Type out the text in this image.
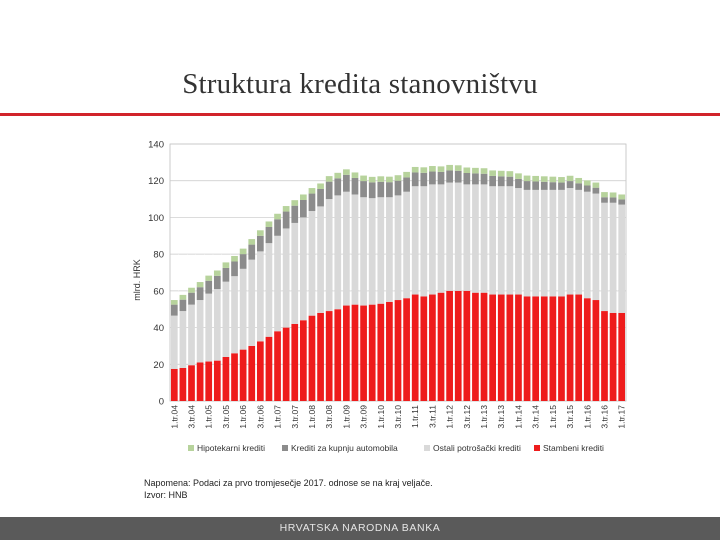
Struktura kredita stanovništvu
0
20
40
60
80
100
120
140
1.tr.04 3.tr.04 1.tr.05 3.tr.05 1.tr.06 3.tr.06 1.tr.07 3.tr.07 1.tr.08 3.tr.08 1.tr.09 3.tr.09 1.tr.10 3.tr.10 1.tr.11 3.tr.11 1.tr.12 3.tr.12 1.tr.13 3.tr.13 1.tr.14 3.tr.14 1.tr.15 3.tr.15 1.tr.16 3.tr.16 1.tr.17
mlrd. HRK
Hipotekarni krediti	Krediti za kupnju automobila	Ostali potrošački krediti	Stambeni krediti
Napomena: Podaci za prvo tromjesečje 2017. odnose se na kraj veljače.
Izvor: HNB
HRVATSKA NARODNA BANKA
